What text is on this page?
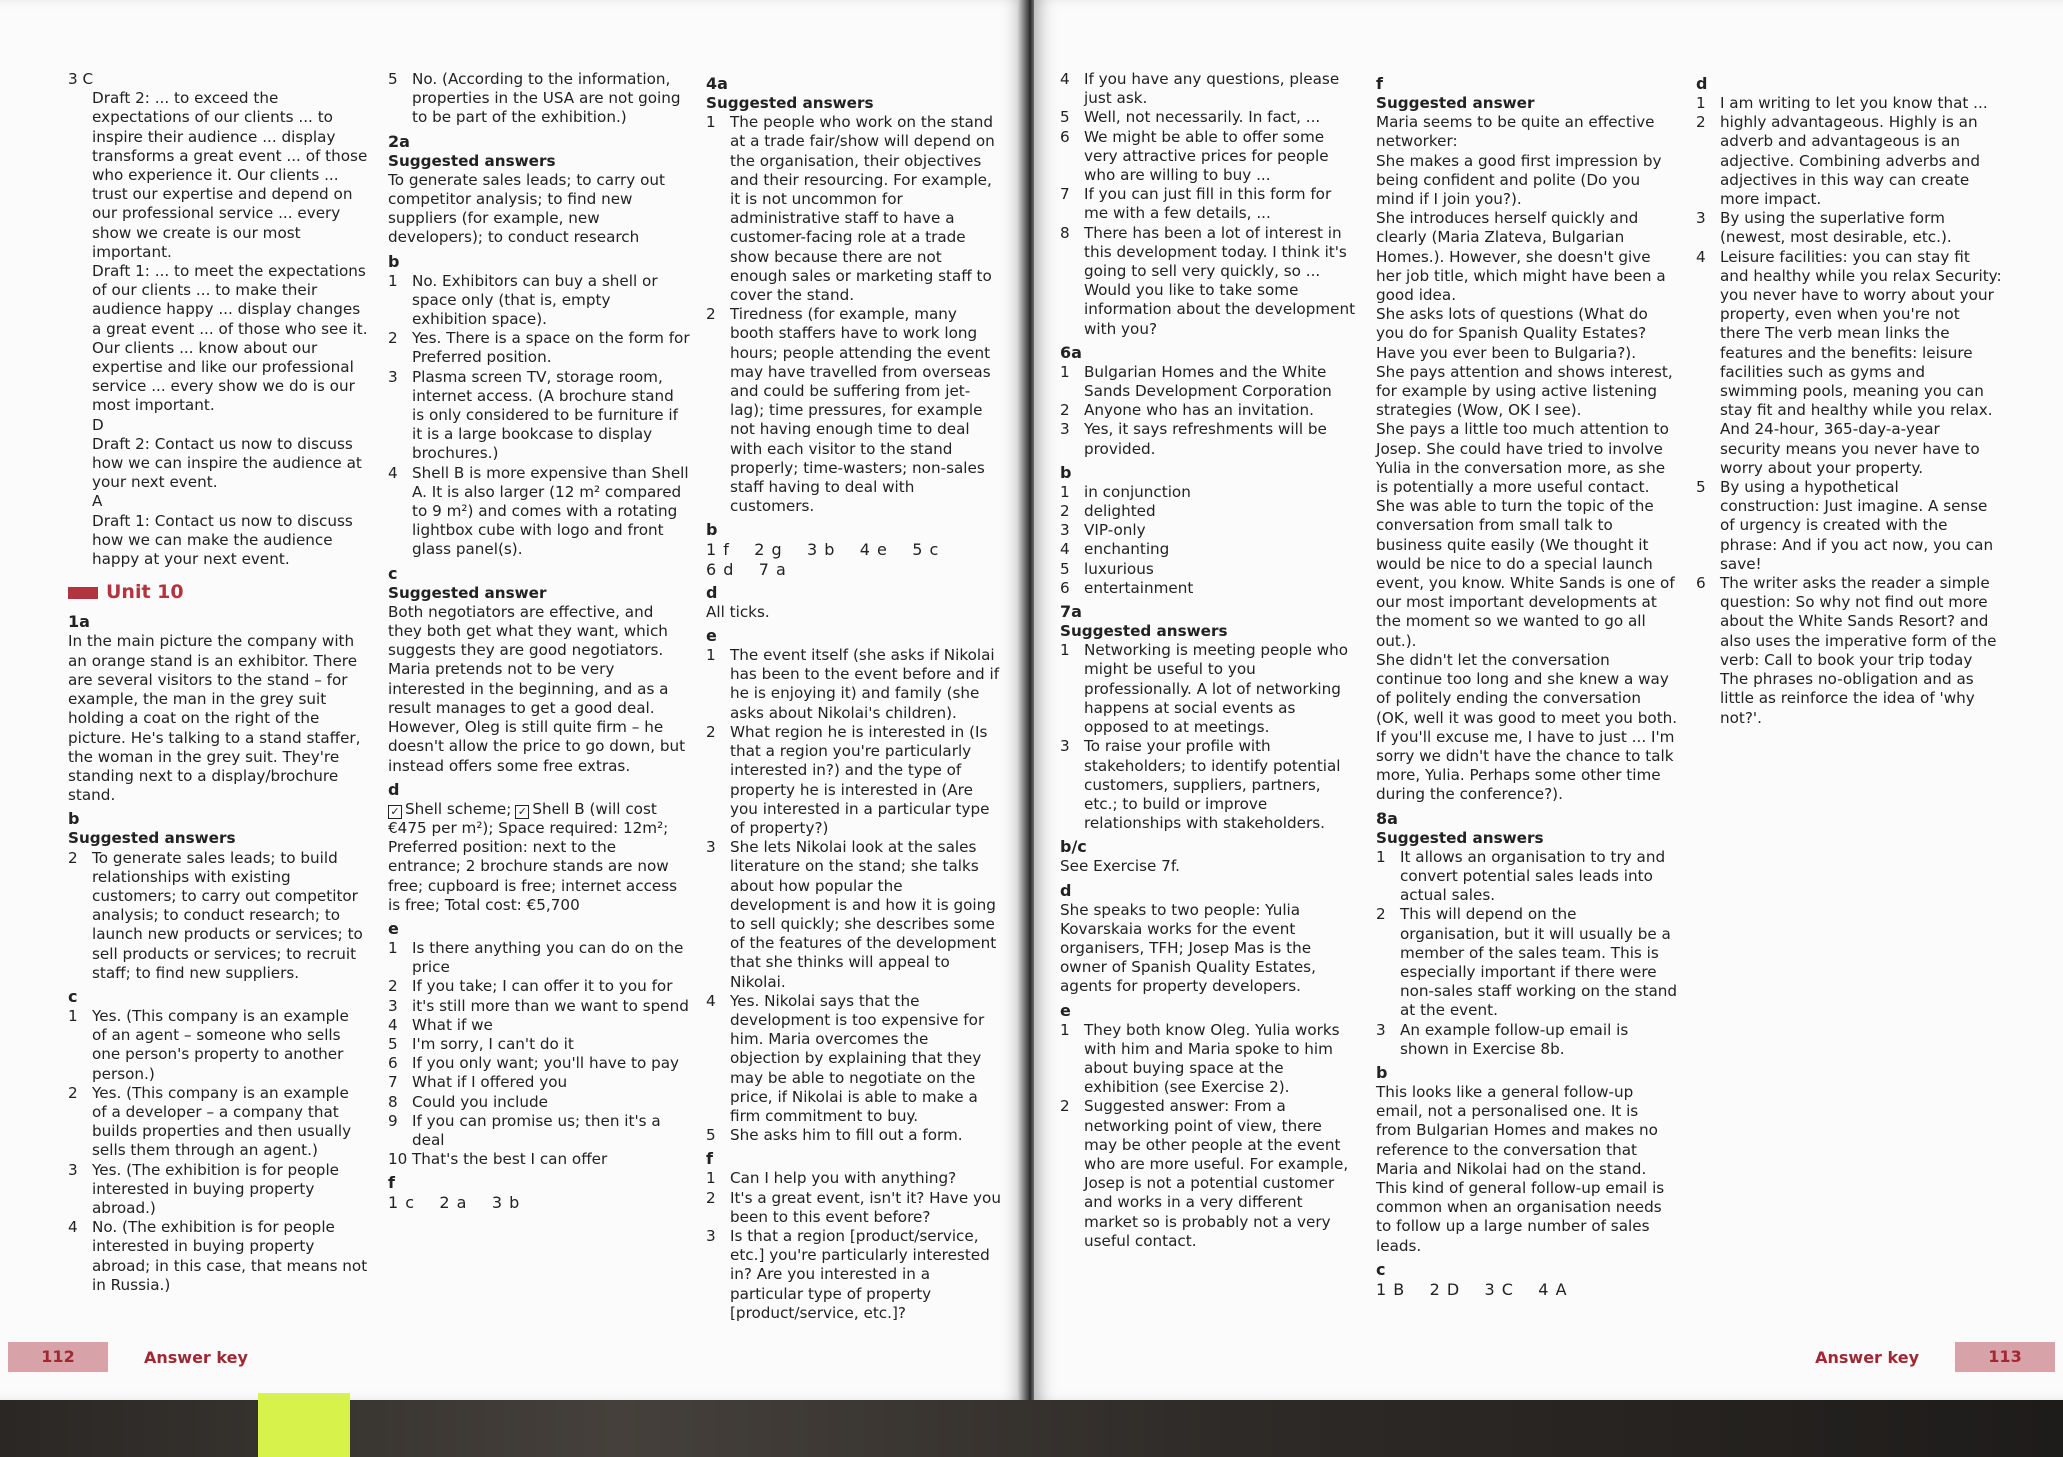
3 C

Draft 2: ... to exceed the expectations of our clients ... to inspire their audience ... display transforms a great event ... of those who experience it. Our clients ... trust our expertise and depend on our professional service ... every show we create is our most important.

Draft 1: ... to meet the expectations of our clients ... to make their audience happy ... display changes a great event ... of those who see it. Our clients ... know about our expertise and like our professional service ... every show we do is our most important.

D

Draft 2: Contact us now to discuss how we can inspire the audience at your next event.

A

Draft 1: Contact us now to discuss how we can make the audience happy at your next event.

Unit 10

1a

In the main picture the company with an orange stand is an exhibitor. There are several visitors to the stand – for example, the man in the grey suit holding a coat on the right of the picture. He's talking to a stand staffer, the woman in the grey suit. They're standing next to a display/brochure stand.

b

Suggested answers

2 To generate sales leads; to build relationships with existing customers; to carry out competitor analysis; to conduct research; to launch new products or services; to sell products or services; to recruit staff; to find new suppliers.

c

1 Yes. (This company is an example of an agent – someone who sells one person's property to another person.)
2 Yes. (This company is an example of a developer – a company that builds properties and then usually sells them through an agent.)
3 Yes. (The exhibition is for people interested in buying property abroad.)
4 No. (The exhibition is for people interested in buying property abroad; in this case, that means not in Russia.)
5 No. (According to the information, properties in the USA are not going to be part of the exhibition.)

2a

Suggested answers

To generate sales leads; to carry out competitor analysis; to find new suppliers (for example, new developers); to conduct research

b

1 No. Exhibitors can buy a shell or space only (that is, empty exhibition space).
2 Yes. There is a space on the form for Preferred position.
3 Plasma screen TV, storage room, internet access. (A brochure stand is only considered to be furniture if it is a large bookcase to display brochures.)
4 Shell B is more expensive than Shell A. It is also larger (12 m² compared to 9 m²) and comes with a rotating lightbox cube with logo and front glass panel(s).

c

Suggested answer

Both negotiators are effective, and they both get what they want, which suggests they are good negotiators. Maria pretends not to be very interested in the beginning, and as a result manages to get a good deal. However, Oleg is still quite firm – he doesn't allow the price to go down, but instead offers some free extras.

d

✓ Shell scheme; ✓ Shell B (will cost €475 per m²); Space required: 12m²; Preferred position: next to the entrance; 2 brochure stands are now free; cupboard is free; internet access is free; Total cost: €5,700

e

1 Is there anything you can do on the price
2 If you take; I can offer it to you for
3 it's still more than we want to spend
4 What if we
5 I'm sorry, I can't do it
6 If you only want; you'll have to pay
7 What if I offered you
8 Could you include
9 If you can promise us; then it's a deal
10 That's the best I can offer

f

1 c    2 a    3 b

4a

Suggested answers

1 The people who work on the stand at a trade fair/show will depend on the organisation, their objectives and their resourcing. For example, it is not uncommon for administrative staff to have a customer-facing role at a trade show because there are not enough sales or marketing staff to cover the stand.
2 Tiredness (for example, many booth staffers have to work long hours; people attending the event may have travelled from overseas and could be suffering from jet-lag); time pressures, for example not having enough time to deal with each visitor to the stand properly; time-wasters; non-sales staff having to deal with customers.

b

1 f    2 g    3 b    4 e    5 c
6 d    7 a

d

All ticks.

e

1 The event itself (she asks if Nikolai has been to the event before and if he is enjoying it) and family (she asks about Nikolai's children).
2 What region he is interested in (Is that a region you're particularly interested in?) and the type of property he is interested in (Are you interested in a particular type of property?)
3 She lets Nikolai look at the sales literature on the stand; she talks about how popular the development is and how it is going to sell quickly; she describes some of the features of the development that she thinks will appeal to Nikolai.
4 Yes. Nikolai says that the development is too expensive for him. Maria overcomes the objection by explaining that they may be able to negotiate on the price, if Nikolai is able to make a firm commitment to buy.
5 She asks him to fill out a form.

f

1 Can I help you with anything?
2 It's a great event, isn't it? Have you been to this event before?
3 Is that a region [product/service, etc.] you're particularly interested in? Are you interested in a particular type of property [product/service, etc.]?
112	Answer key
4 If you have any questions, please just ask.
5 Well, not necessarily. In fact, ...
6 We might be able to offer some very attractive prices for people who are willing to buy ...
7 If you can just fill in this form for me with a few details, ...
8 There has been a lot of interest in this development today. I think it's going to sell very quickly, so ... Would you like to take some information about the development with you?

6a

1 Bulgarian Homes and the White Sands Development Corporation
2 Anyone who has an invitation.
3 Yes, it says refreshments will be provided.

b

1 in conjunction
2 delighted
3 VIP-only
4 enchanting
5 luxurious
6 entertainment

7a

Suggested answers

1 Networking is meeting people who might be useful to you professionally. A lot of networking happens at social events as opposed to at meetings.
3 To raise your profile with stakeholders; to identify potential customers, suppliers, partners, etc.; to build or improve relationships with stakeholders.

b/c

See Exercise 7f.

d

She speaks to two people: Yulia Kovarskaia works for the event organisers, TFH; Josep Mas is the owner of Spanish Quality Estates, agents for property developers.

e

1 They both know Oleg. Yulia works with him and Maria spoke to him about buying space at the exhibition (see Exercise 2).
2 Suggested answer: From a networking point of view, there may be other people at the event who are more useful. For example, Josep is not a potential customer and works in a very different market so is probably not a very useful contact.

f

Suggested answer

Maria seems to be quite an effective networker:

She makes a good first impression by being confident and polite (Do you mind if I join you?).

She introduces herself quickly and clearly (Maria Zlateva, Bulgarian Homes.). However, she doesn't give her job title, which might have been a good idea.

She asks lots of questions (What do you do for Spanish Quality Estates? Have you ever been to Bulgaria?).

She pays attention and shows interest, for example by using active listening strategies (Wow, OK I see).

She pays a little too much attention to Josep. She could have tried to involve Yulia in the conversation more, as she is potentially a more useful contact.

She was able to turn the topic of the conversation from small talk to business quite easily (We thought it would be nice to do a special launch event, you know. White Sands is one of our most important developments at the moment so we wanted to go all out.).

She didn't let the conversation continue too long and she knew a way of politely ending the conversation (OK, well it was good to meet you both. If you'll excuse me, I have to just ... I'm sorry we didn't have the chance to talk more, Yulia. Perhaps some other time during the conference?).

8a

Suggested answers

1 It allows an organisation to try and convert potential sales leads into actual sales.
2 This will depend on the organisation, but it will usually be a member of the sales team. This is especially important if there were non-sales staff working on the stand at the event.
3 An example follow-up email is shown in Exercise 8b.

b

This looks like a general follow-up email, not a personalised one. It is from Bulgarian Homes and makes no reference to the conversation that Maria and Nikolai had on the stand. This kind of general follow-up email is common when an organisation needs to follow up a large number of sales leads.

c

1 B    2 D    3 C    4 A

d

1 I am writing to let you know that ...
2 highly advantageous. Highly is an adverb and advantageous is an adjective. Combining adverbs and adjectives in this way can create more impact.
3 By using the superlative form (newest, most desirable, etc.).
4 Leisure facilities: you can stay fit and healthy while you relax Security: you never have to worry about your property, even when you're not there The verb mean links the features and the benefits: leisure facilities such as gyms and swimming pools, meaning you can stay fit and healthy while you relax. And 24-hour, 365-day-a-year security means you never have to worry about your property.
5 By using a hypothetical construction: Just imagine. A sense of urgency is created with the phrase: And if you act now, you can save!
6 The writer asks the reader a simple question: So why not find out more about the White Sands Resort? and also uses the imperative form of the verb: Call to book your trip today The phrases no-obligation and as little as reinforce the idea of 'why not?'.
Answer key	113
